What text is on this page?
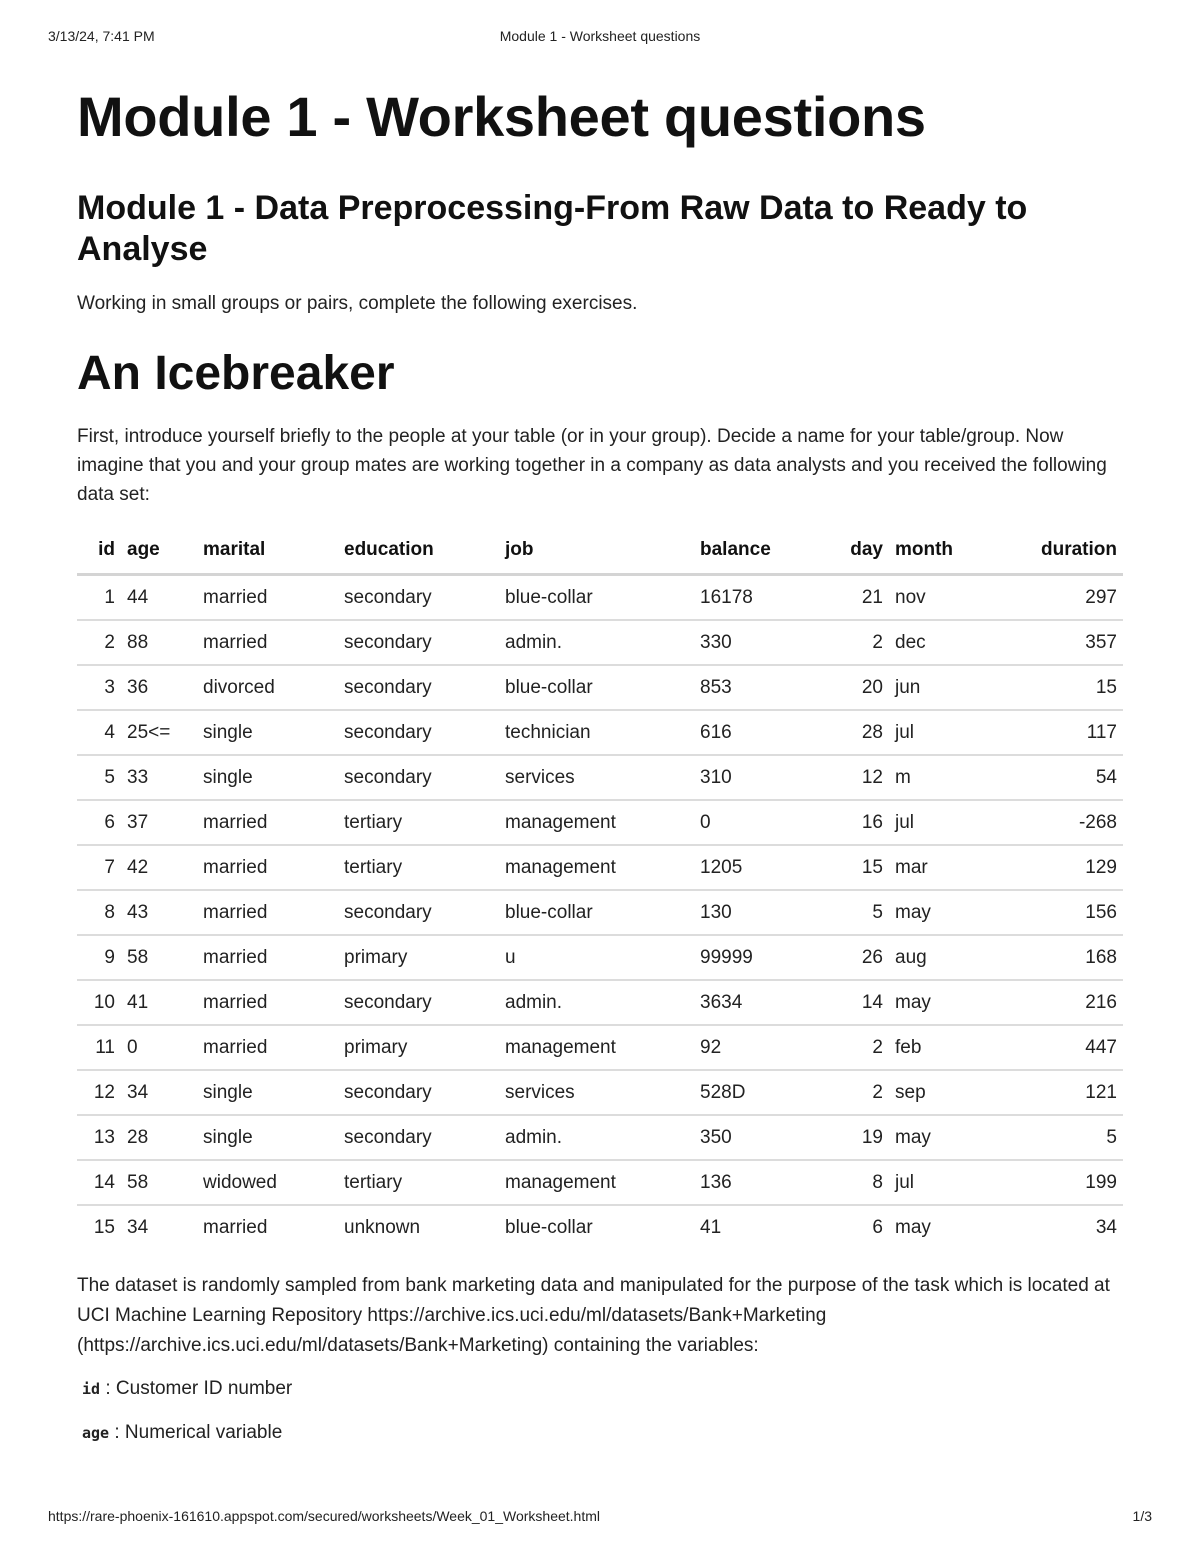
3/13/24, 7:41 PM	Module 1 - Worksheet questions
Module 1 - Worksheet questions
Module 1 - Data Preprocessing-From Raw Data to Ready to Analyse

Working in small groups or pairs, complete the following exercises.

An Icebreaker

First, introduce yourself briefly to the people at your table (or in your group). Decide a name for your table/group. Now imagine that you and your group mates are working together in a company as data analysts and you received the following data set:

id	age	marital	education	job	balance	day	month	duration
1	44	married	secondary	blue-collar	16178	21	nov	297
2	88	married	secondary	admin.	330	2	dec	357
3	36	divorced	secondary	blue-collar	853	20	jun	15
4	25<=	single	secondary	technician	616	28	jul	117
5	33	single	secondary	services	310	12	m	54
6	37	married	tertiary	management	0	16	jul	-268
7	42	married	tertiary	management	1205	15	mar	129
8	43	married	secondary	blue-collar	130	5	may	156
9	58	married	primary	u	99999	26	aug	168
10	41	married	secondary	admin.	3634	14	may	216
11	0	married	primary	management	92	2	feb	447
12	34	single	secondary	services	528D	2	sep	121
13	28	single	secondary	admin.	350	19	may	5
14	58	widowed	tertiary	management	136	8	jul	199
15	34	married	unknown	blue-collar	41	6	may	34

The dataset is randomly sampled from bank marketing data and manipulated for the purpose of the task which is located at UCI Machine Learning Repository https://archive.ics.uci.edu/ml/datasets/Bank+Marketing (https://archive.ics.uci.edu/ml/datasets/Bank+Marketing) containing the variables:

id : Customer ID number
age : Numerical variable
https://rare-phoenix-161610.appspot.com/secured/worksheets/Week_01_Worksheet.html	1/3
